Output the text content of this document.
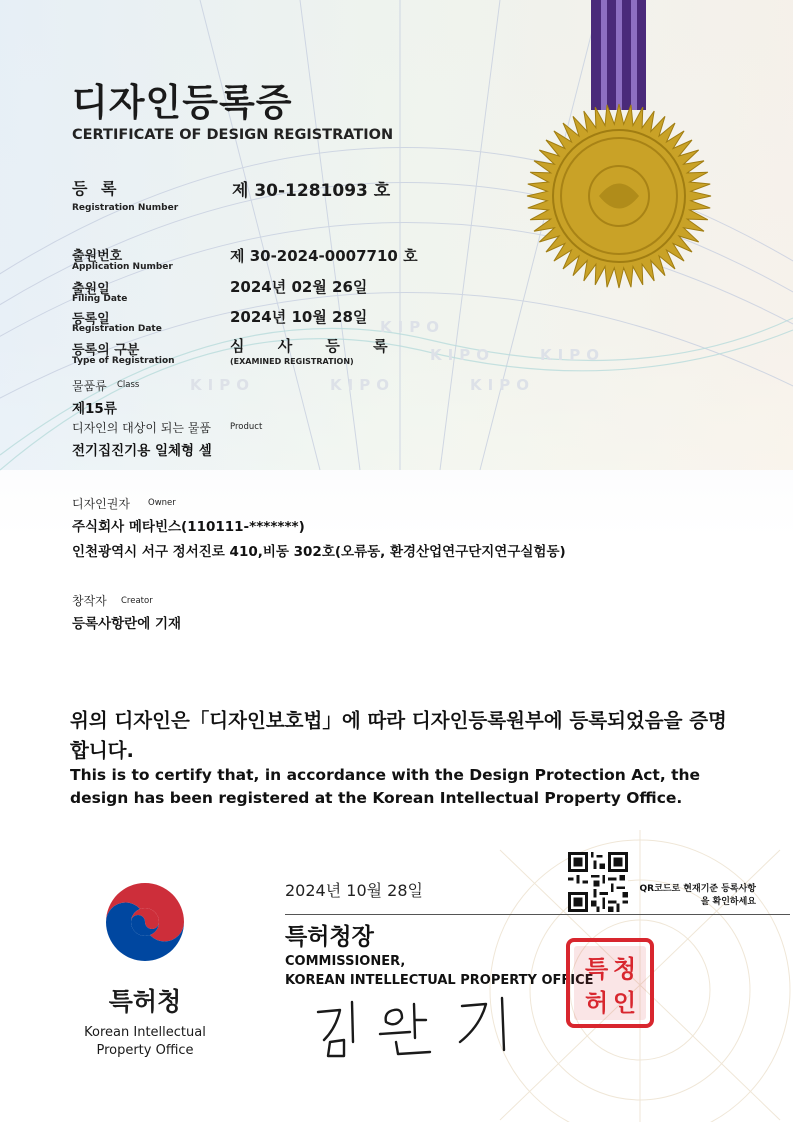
KIPO
KIPO	KIPO
KIPO	KIPO	KIPO
디자인등록증
CERTIFICATE OF DESIGN REGISTRATION
등 록
Registration Number
제 30-1281093 호
출원번호
Application Number
제 30-2024-0007710 호
출원일
Filing Date
2024년 02월 26일
등록일
Registration Date
2024년 10월 28일
등록의 구분
Type of Registration
심 사 등 록
(EXAMINED REGISTRATION)
물품류 Class
제15류
디자인의 대상이 되는 물품 Product
전기집진기용 일체형 셀
디자인권자 Owner
주식회사 메타빈스(110111-*******)
인천광역시 서구 정서진로 410,비동 302호(오류동, 환경산업연구단지연구실험동)
창작자 Creator
등록사항란에 기재
위의 디자인은「디자인보호법」에 따라 디자인등록원부에 등록되었음을 증명합니다.
This is to certify that, in accordance with the Design Protection Act, the design has been registered at the Korean Intellectual Property Office.
특허청
Korean Intellectual Property Office
2024년 10월 28일
특허청장
COMMISSIONER,
KOREAN INTELLECTUAL PROPERTY OFFICE
QR코드로 현재기준 등록사항을 확인하세요
특 청
허 인
